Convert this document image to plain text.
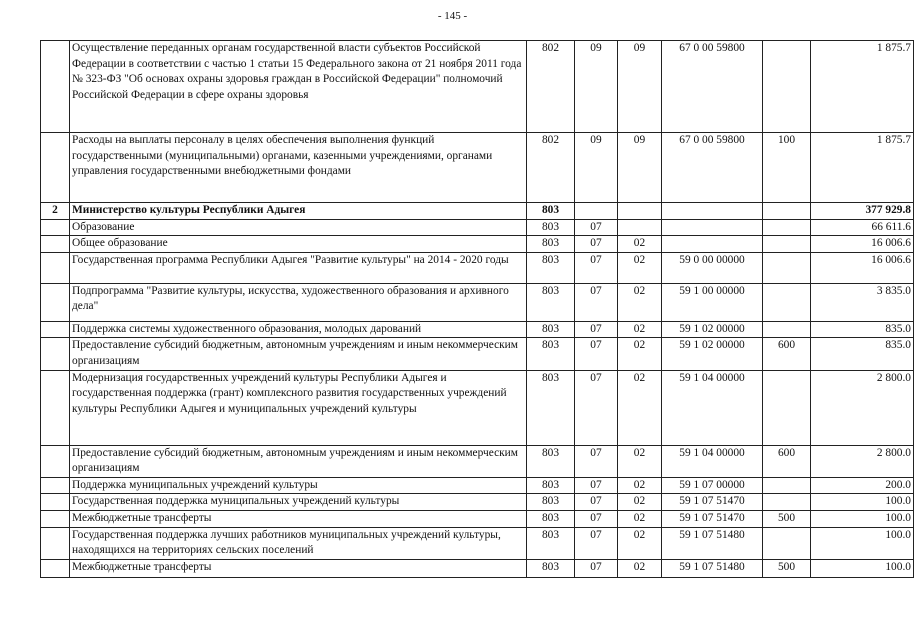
- 145 -
	Осуществление переданных органам государственной власти субъектов Российской Федерации в соответствии с частью 1 статьи 15 Федерального закона от 21 ноября 2011 года № 323-ФЗ "Об основах охраны здоровья граждан в Российской Федерации" полномочий Российской Федерации в сфере охраны здоровья	802	09	09	67 0 00 59800		1 875.7
	Расходы на выплаты персоналу в целях обеспечения выполнения функций государственными (муниципальными) органами, казенными учреждениями, органами управления государственными внебюджетными фондами	802	09	09	67 0 00 59800	100	1 875.7
2	Министерство культуры Республики Адыгея	803					377 929.8
	Образование	803	07				66 611.6
	Общее образование	803	07	02			16 006.6
	Государственная программа Республики Адыгея "Развитие культуры" на 2014 - 2020 годы	803	07	02	59 0 00 00000		16 006.6
	Подпрограмма "Развитие культуры, искусства, художественного образования и архивного дела"	803	07	02	59 1 00 00000		3 835.0
	Поддержка системы художественного образования, молодых дарований	803	07	02	59 1 02 00000		835.0
	Предоставление субсидий бюджетным, автономным учреждениям и иным некоммерческим организациям	803	07	02	59 1 02 00000	600	835.0
	Модернизация государственных учреждений культуры Республики Адыгея и государственная поддержка (грант) комплексного развития государственных учреждений культуры Республики Адыгея и муниципальных учреждений культуры	803	07	02	59 1 04 00000		2 800.0
	Предоставление субсидий бюджетным, автономным учреждениям и иным некоммерческим организациям	803	07	02	59 1 04 00000	600	2 800.0
	Поддержка муниципальных учреждений культуры	803	07	02	59 1 07 00000		200.0
	Государственная поддержка муниципальных учреждений культуры	803	07	02	59 1 07 51470		100.0
	Межбюджетные трансферты	803	07	02	59 1 07 51470	500	100.0
	Государственная поддержка лучших работников муниципальных учреждений культуры, находящихся на территориях сельских поселений	803	07	02	59 1 07 51480		100.0
	Межбюджетные трансферты	803	07	02	59 1 07 51480	500	100.0
